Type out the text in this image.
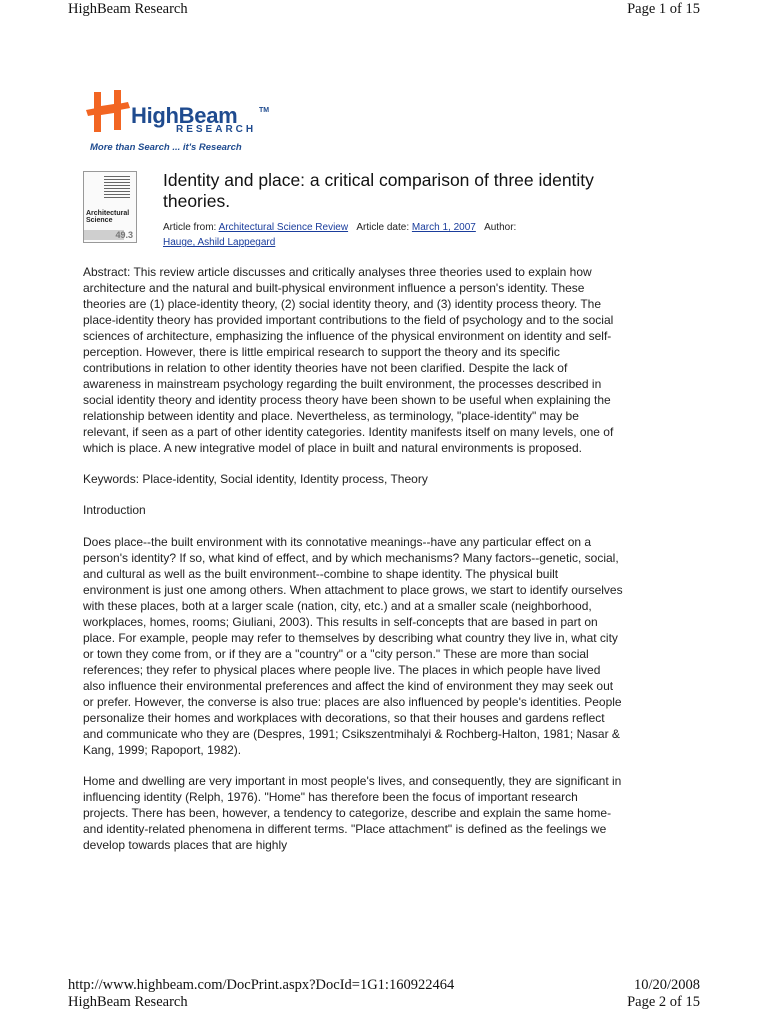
HighBeam Research	Page 1 of 15
HighBeam	TM
RESEARCH
More than Search ... it's Research
Architectural
Science
49.3
Identity and place: a critical comparison of three identity theories.
Article from: Architectural Science Review Article date: March 1, 2007 Author:
Hauge, Ashild Lappegard

Abstract: This review article discusses and critically analyses three theories used to explain how architecture and the natural and built-physical environment influence a person's identity. These theories are (1) place-identity theory, (2) social identity theory, and (3) identity process theory. The place-identity theory has provided important contributions to the field of psychology and to the social sciences of architecture, emphasizing the influence of the physical environment on identity and self-perception. However, there is little empirical research to support the theory and its specific contributions in relation to other identity theories have not been clarified. Despite the lack of awareness in mainstream psychology regarding the built environment, the processes described in social identity theory and identity process theory have been shown to be useful when explaining the relationship between identity and place. Nevertheless, as terminology, "place-identity" may be relevant, if seen as a part of other identity categories. Identity manifests itself on many levels, one of which is place. A new integrative model of place in built and natural environments is proposed.

Keywords: Place-identity, Social identity, Identity process, Theory

Introduction

Does place--the built environment with its connotative meanings--have any particular effect on a person's identity? If so, what kind of effect, and by which mechanisms? Many factors--genetic, social, and cultural as well as the built environment--combine to shape identity. The physical built environment is just one among others. When attachment to place grows, we start to identify ourselves with these places, both at a larger scale (nation, city, etc.) and at a smaller scale (neighborhood, workplaces, homes, rooms; Giuliani, 2003). This results in self-concepts that are based in part on place. For example, people may refer to themselves by describing what country they live in, what city or town they come from, or if they are a "country" or a "city person." These are more than social references; they refer to physical places where people live. The places in which people have lived also influence their environmental preferences and affect the kind of environment they may seek out or prefer. However, the converse is also true: places are also influenced by people's identities. People personalize their homes and workplaces with decorations, so that their houses and gardens reflect and communicate who they are (Despres, 1991; Csikszentmihalyi & Rochberg-Halton, 1981; Nasar & Kang, 1999; Rapoport, 1982).

Home and dwelling are very important in most people's lives, and consequently, they are significant in influencing identity (Relph, 1976). "Home" has therefore been the focus of important research projects. There has been, however, a tendency to categorize, describe and explain the same home- and identity-related phenomena in different terms. "Place attachment" is defined as the feelings we develop towards places that are highly

http://www.highbeam.com/DocPrint.aspx?DocId=1G1:160922464	10/20/2008
HighBeam Research	Page 2 of 15
